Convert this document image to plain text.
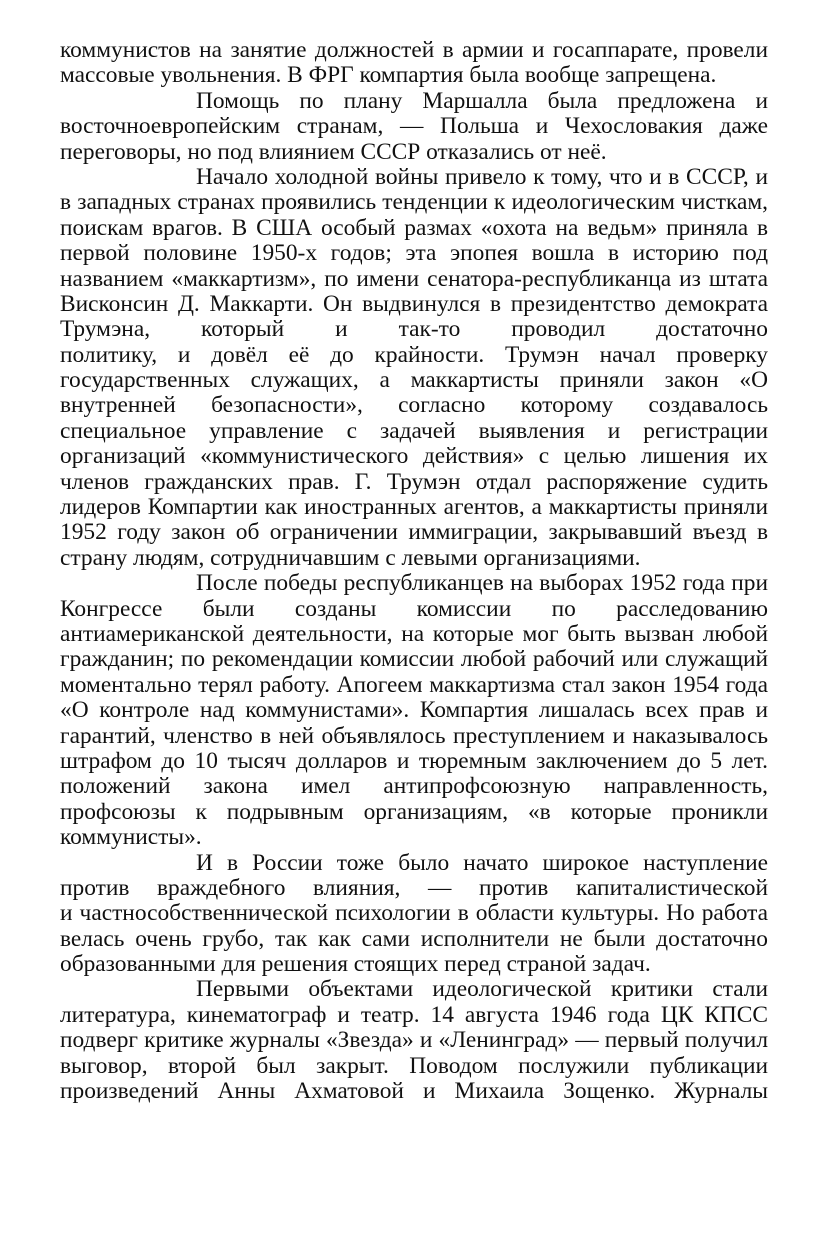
коммунистов на занятие должностей в армии и госаппарате, провели
массовые увольнения. В ФРГ компартия была вообще запрещена.
Помощь по плану Маршалла была предложена и
восточноевропейским странам, — Польша и Чехословакия даже
переговоры, но под влиянием СССР отказались от неё.
Начало холодной войны привело к тому, что и в СССР, и
в западных странах проявились тенденции к идеологическим чисткам,
поискам врагов. В США особый размах «охота на ведьм» приняла в
первой половине 1950-х годов; эта эпопея вошла в историю под
названием «маккартизм», по имени сенатора-республиканца из штата
Висконсин Д. Маккарти. Он выдвинулся в президентство демократа
Трумэна, который и так-то проводил достаточно
политику, и довёл её до крайности. Трумэн начал проверку
государственных служащих, а маккартисты приняли закон «О
внутренней безопасности», согласно которому создавалось
специальное управление с задачей выявления и регистрации
организаций «коммунистического действия» с целью лишения их
членов гражданских прав. Г. Трумэн отдал распоряжение судить
лидеров Компартии как иностранных агентов, а маккартисты приняли
1952 году закон об ограничении иммиграции, закрывавший въезд в
страну людям, сотрудничавшим с левыми организациями.
После победы республиканцев на выборах 1952 года при
Конгрессе были созданы комиссии по расследованию
антиамериканской деятельности, на которые мог быть вызван любой
гражданин; по рекомендации комиссии любой рабочий или служащий
моментально терял работу. Апогеем маккартизма стал закон 1954 года
«О контроле над коммунистами». Компартия лишалась всех прав и
гарантий, членство в ней объявлялось преступлением и наказывалось
штрафом до 10 тысяч долларов и тюремным заключением до 5 лет.
положений закона имел антипрофсоюзную направленность,
профсоюзы к подрывным организациям, «в которые проникли
коммунисты».
И в России тоже было начато широкое наступление
против враждебного влияния, — против капиталистической
и частнособственнической психологии в области культуры. Но работа
велась очень грубо, так как сами исполнители не были достаточно
образованными для решения стоящих перед страной задач.
Первыми объектами идеологической критики стали
литература, кинематограф и театр. 14 августа 1946 года ЦК КПСС
подверг критике журналы «Звезда» и «Ленинград» — первый получил
выговор, второй был закрыт. Поводом послужили публикации
произведений Анны Ахматовой и Михаила Зощенко. Журналы
